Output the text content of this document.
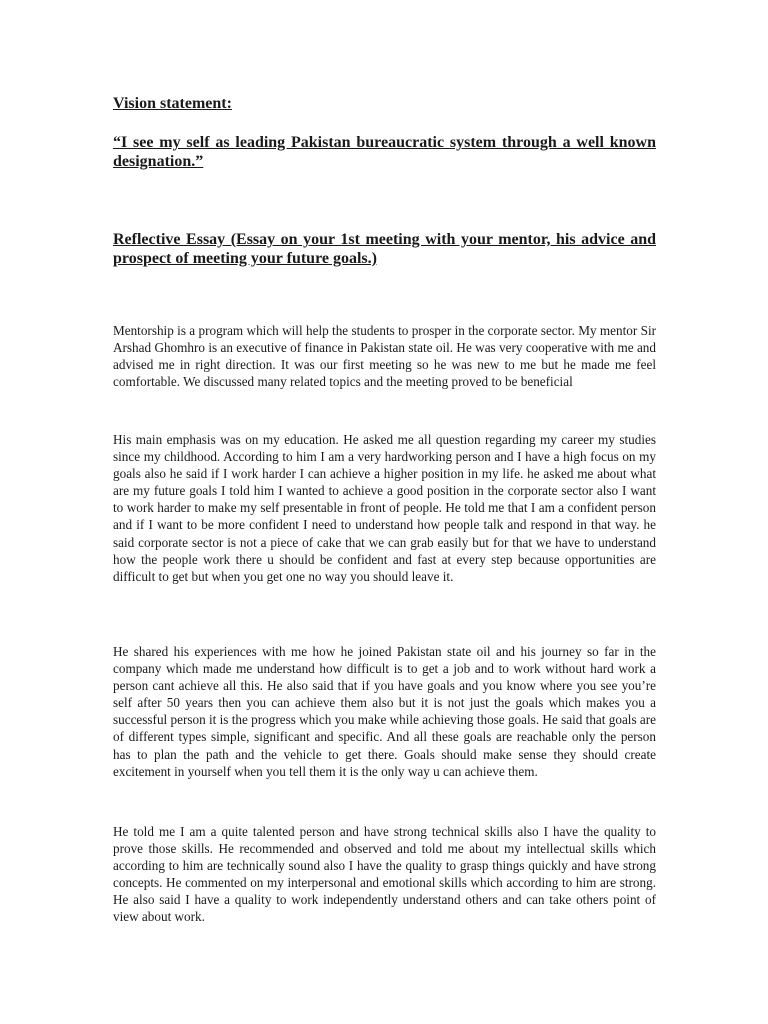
Vision statement:
“I see my self as leading Pakistan bureaucratic system through a well known designation.”
Reflective Essay (Essay on your 1st meeting with your mentor, his advice and prospect of meeting your future goals.)

Mentorship is a program which will help the students to prosper in the corporate sector. My mentor Sir Arshad Ghomhro is an executive of finance in Pakistan state oil. He was very cooperative with me and advised me in right direction. It was our first meeting so he was new to me but he made me feel comfortable. We discussed many related topics and the meeting proved to be beneficial

His main emphasis was on my education. He asked me all question regarding my career my studies since my childhood. According to him I am a very hardworking person and I have a high focus on my goals also he said if I work harder I can achieve a higher position in my life. he asked me about what are my future goals I told him I wanted to achieve a good position in the corporate sector also I want to work harder to make my self presentable in front of people. He told me that I am a confident person and if I want to be more confident I need to understand how people talk and respond in that way. he said corporate sector is not a piece of cake that we can grab easily but for that we have to understand how the people work there u should be confident and fast at every step because opportunities are difficult to get but when you get one no way you should leave it.

He shared his experiences with me how he joined Pakistan state oil and his journey so far in the company which made me understand how difficult is to get a job and to work without hard work a person cant achieve all this. He also said that if you have goals and you know where you see you’re self after 50 years then you can achieve them also but it is not just the goals which makes you a successful person it is the progress which you make while achieving those goals. He said that goals are of different types simple, significant and specific. And all these goals are reachable only the person has to plan the path and the vehicle to get there. Goals should make sense they should create excitement in yourself when you tell them it is the only way u can achieve them.

He told me I am a quite talented person and have strong technical skills also I have the quality to prove those skills. He recommended and observed and told me about my intellectual skills which according to him are technically sound also I have the quality to grasp things quickly and have strong concepts. He commented on my interpersonal and emotional skills which according to him are strong. He also said I have a quality to work independently understand others and can take others point of view about work.
